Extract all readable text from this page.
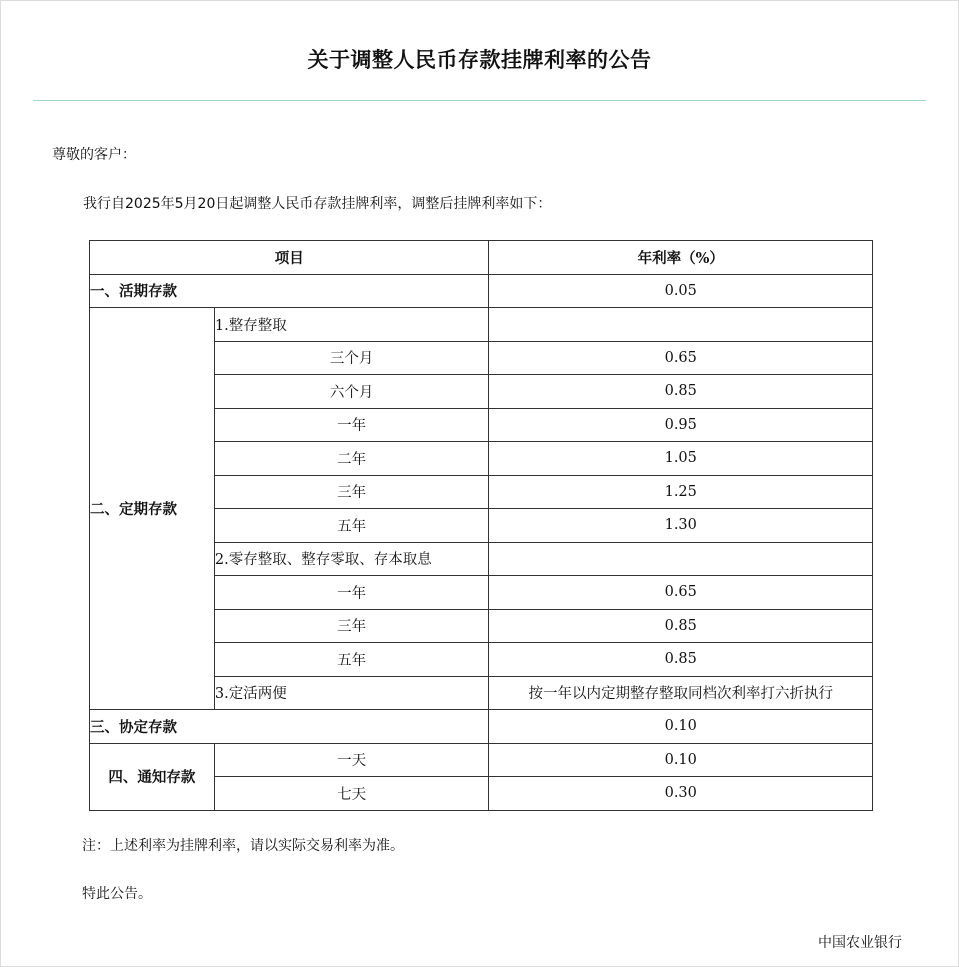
关于调整人民币存款挂牌利率的公告
尊敬的客户：
我行自2025年5月20日起调整人民币存款挂牌利率，调整后挂牌利率如下：
项目		年利率（%）
一、活期存款		0.05
二、定期存款	1.整存整取	
	三个月	0.65
	六个月	0.85
	一年	0.95
	二年	1.05
	三年	1.25
	五年	1.30
	2.零存整取、整存零取、存本取息	
	一年	0.65
	三年	0.85
	五年	0.85
	3.定活两便	按一年以内定期整存整取同档次利率打六折执行
三、协定存款		0.10
四、通知存款	一天	0.10
	七天	0.30
注：上述利率为挂牌利率，请以实际交易利率为准。
特此公告。
中国农业银行
